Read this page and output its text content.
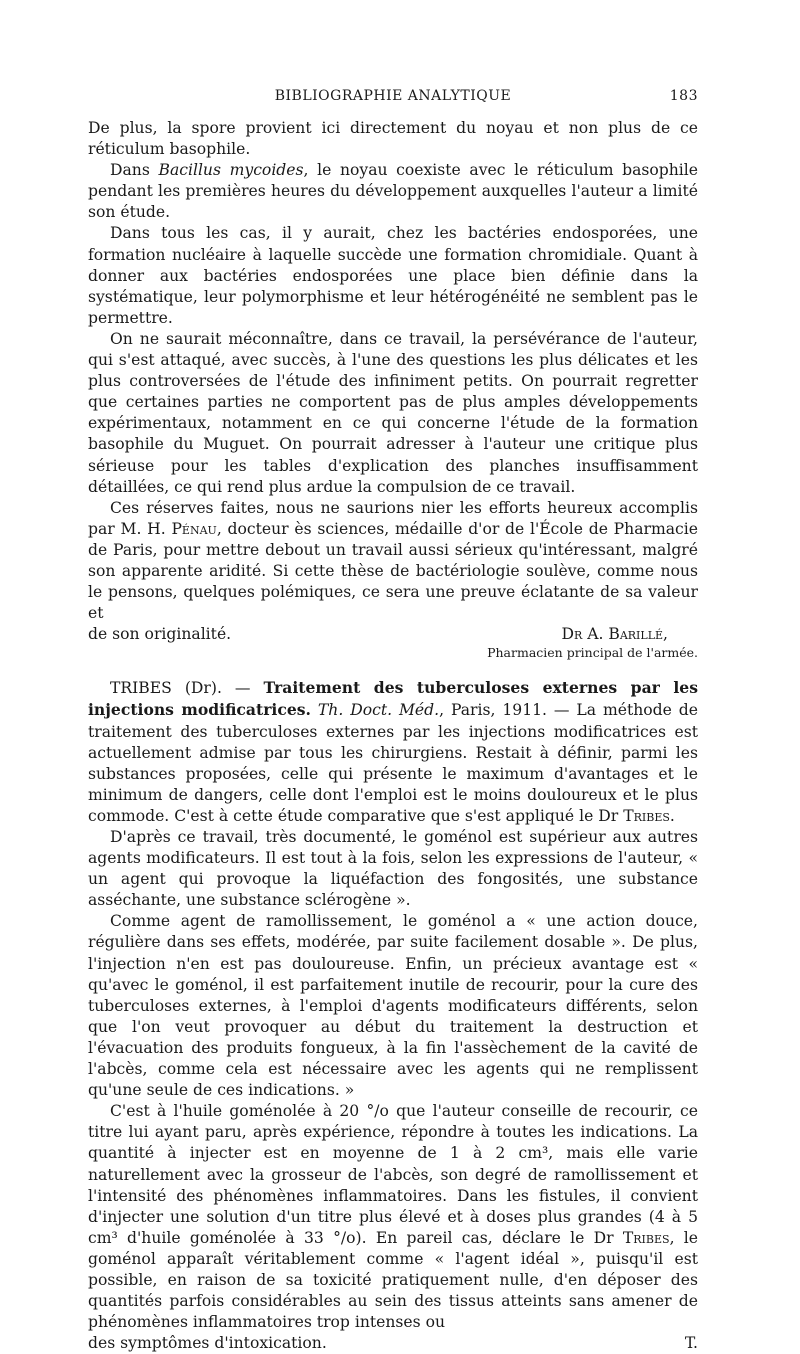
BIBLIOGRAPHIE ANALYTIQUE	183

De plus, la spore provient ici directement du noyau et non plus de ce réticulum basophile.

Dans Bacillus mycoides, le noyau coexiste avec le réticulum basophile pendant les premières heures du développement auxquelles l'auteur a limité son étude.

Dans tous les cas, il y aurait, chez les bactéries endosporées, une formation nucléaire à laquelle succède une formation chromidiale. Quant à donner aux bactéries endosporées une place bien définie dans la systématique, leur polymorphisme et leur hétérogénéité ne semblent pas le permettre.

On ne saurait méconnaître, dans ce travail, la persévérance de l'auteur, qui s'est attaqué, avec succès, à l'une des questions les plus délicates et les plus controversées de l'étude des infiniment petits. On pourrait regretter que certaines parties ne comportent pas de plus amples développements expérimentaux, notamment en ce qui concerne l'étude de la formation basophile du Muguet. On pourrait adresser à l'auteur une critique plus sérieuse pour les tables d'explication des planches insuffisamment détaillées, ce qui rend plus ardue la compulsion de ce travail.

Ces réserves faites, nous ne saurions nier les efforts heureux accomplis par M. H. Pénau, docteur ès sciences, médaille d'or de l'École de Pharmacie de Paris, pour mettre debout un travail aussi sérieux qu'intéressant, malgré son apparente aridité. Si cette thèse de bactériologie soulève, comme nous le pensons, quelques polémiques, ce sera une preuve éclatante de sa valeur et

de son originalité.	Dr A. Barillé,
Pharmacien principal de l'armée.

TRIBES (Dr). — Traitement des tuberculoses externes par les injections modificatrices. Th. Doct. Méd., Paris, 1911. — La méthode de traitement des tuberculoses externes par les injections modificatrices est actuellement admise par tous les chirurgiens. Restait à définir, parmi les substances proposées, celle qui présente le maximum d'avantages et le minimum de dangers, celle dont l'emploi est le moins douloureux et le plus commode. C'est à cette étude comparative que s'est appliqué le Dr Tribes.

D'après ce travail, très documenté, le goménol est supérieur aux autres agents modificateurs. Il est tout à la fois, selon les expressions de l'auteur, « un agent qui provoque la liquéfaction des fongosités, une substance asséchante, une substance sclérogène ».

Comme agent de ramollissement, le goménol a « une action douce, régulière dans ses effets, modérée, par suite facilement dosable ». De plus, l'injection n'en est pas douloureuse. Enfin, un précieux avantage est « qu'avec le goménol, il est parfaitement inutile de recourir, pour la cure des tuberculoses externes, à l'emploi d'agents modificateurs différents, selon que l'on veut provoquer au début du traitement la destruction et l'évacuation des produits fongueux, à la fin l'assèchement de la cavité de l'abcès, comme cela est nécessaire avec les agents qui ne remplissent qu'une seule de ces indications. »

C'est à l'huile goménolée à 20 °/o que l'auteur conseille de recourir, ce titre lui ayant paru, après expérience, répondre à toutes les indications. La quantité à injecter est en moyenne de 1 à 2 cm³, mais elle varie naturellement avec la grosseur de l'abcès, son degré de ramollissement et l'intensité des phénomènes inflammatoires. Dans les fistules, il convient d'injecter une solution d'un titre plus élevé et à doses plus grandes (4 à 5 cm³ d'huile goménolée à 33 °/o). En pareil cas, déclare le Dr Tribes, le goménol apparaît véritablement comme « l'agent idéal », puisqu'il est possible, en raison de sa toxicité pratiquement nulle, d'en déposer des quantités parfois considérables au sein des tissus atteints sans amener de phénomènes inflammatoires trop intenses ou

des symptômes d'intoxication.	T.
